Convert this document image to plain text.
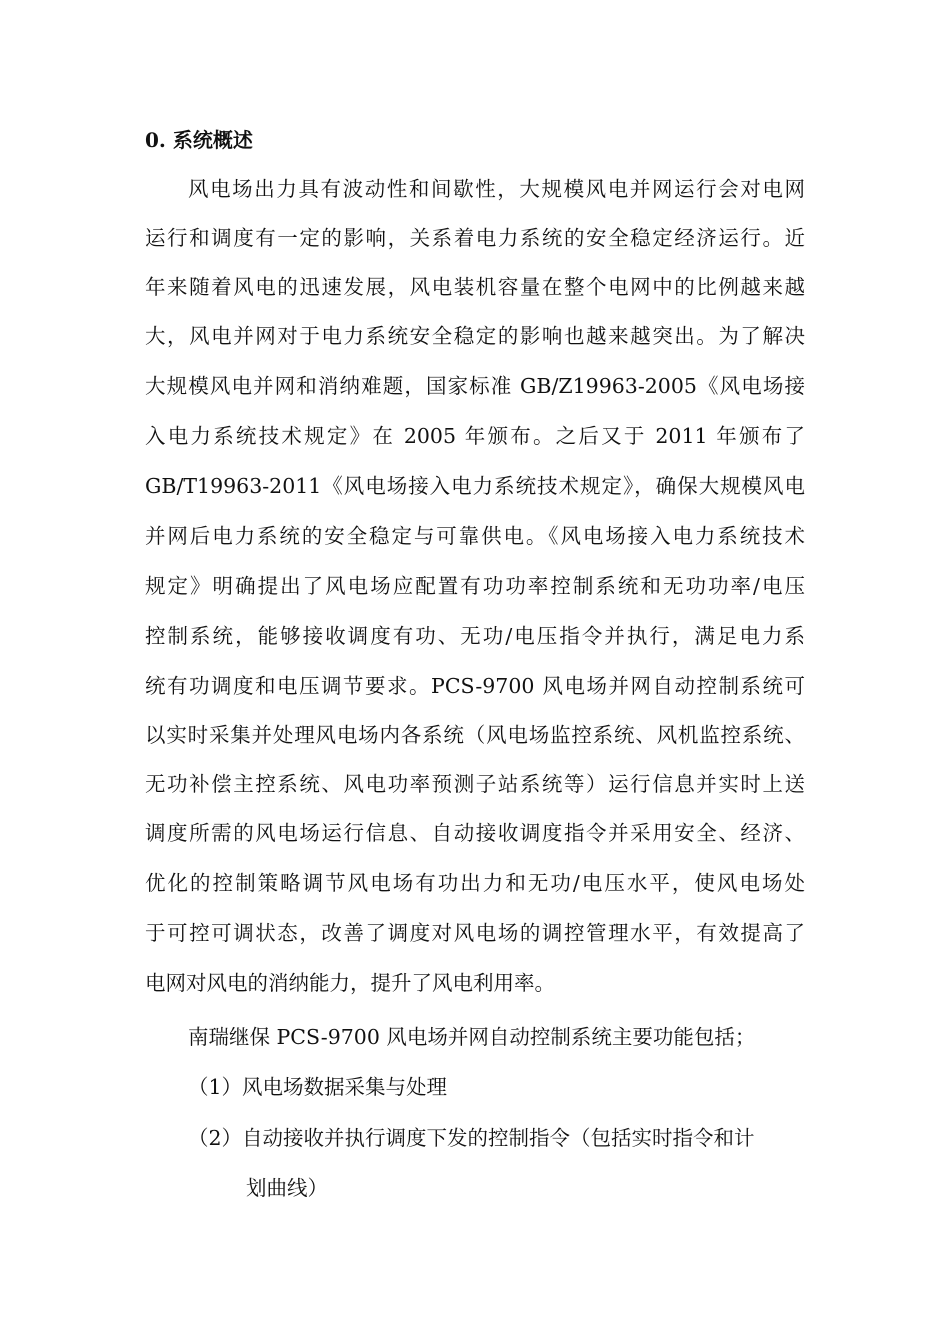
0. 系统概述
风电场出力具有波动性和间歇性，大规模风电并网运行会对电网
运行和调度有一定的影响，关系着电力系统的安全稳定经济运行。近
年来随着风电的迅速发展，风电装机容量在整个电网中的比例越来越
大，风电并网对于电力系统安全稳定的影响也越来越突出。为了解决
大规模风电并网和消纳难题，国家标准 GB/Z19963-2005《风电场接
入电力系统技术规定》在 2005 年颁布。之后又于 2011 年颁布了
GB/T19963-2011《风电场接入电力系统技术规定》，确保大规模风电
并网后电力系统的安全稳定与可靠供电。《风电场接入电力系统技术
规定》明确提出了风电场应配置有功功率控制系统和无功功率/电压
控制系统，能够接收调度有功、无功/电压指令并执行，满足电力系
统有功调度和电压调节要求。PCS-9700 风电场并网自动控制系统可
以实时采集并处理风电场内各系统（风电场监控系统、风机监控系统、
无功补偿主控系统、风电功率预测子站系统等）运行信息并实时上送
调度所需的风电场运行信息、自动接收调度指令并采用安全、经济、
优化的控制策略调节风电场有功出力和无功/电压水平，使风电场处
于可控可调状态，改善了调度对风电场的调控管理水平，有效提高了
电网对风电的消纳能力，提升了风电利用率。
南瑞继保 PCS-9700 风电场并网自动控制系统主要功能包括；
（1）风电场数据采集与处理
（2）自动接收并执行调度下发的控制指令（包括实时指令和计
划曲线）
